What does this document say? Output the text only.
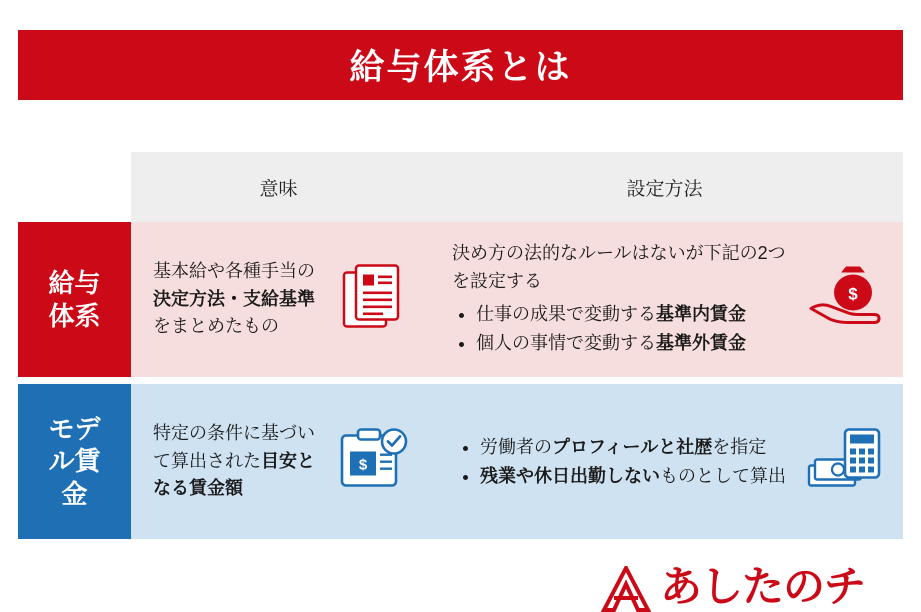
給与体系とは
意味	設定方法
給与
体系
基本給や各種手当の決定方法・支給基準をまとめたもの
決め方の法的なルールはないが下記の2つを設定する
• 仕事の成果で変動する基準内賃金
• 個人の事情で変動する基準外賃金
$
モデ
ル賃
金
特定の条件に基づいて算出された目安となる賃金額
$
• 労働者のプロフィールと社歴を指定
• 残業や休日出勤しないものとして算出
あしたのチ
